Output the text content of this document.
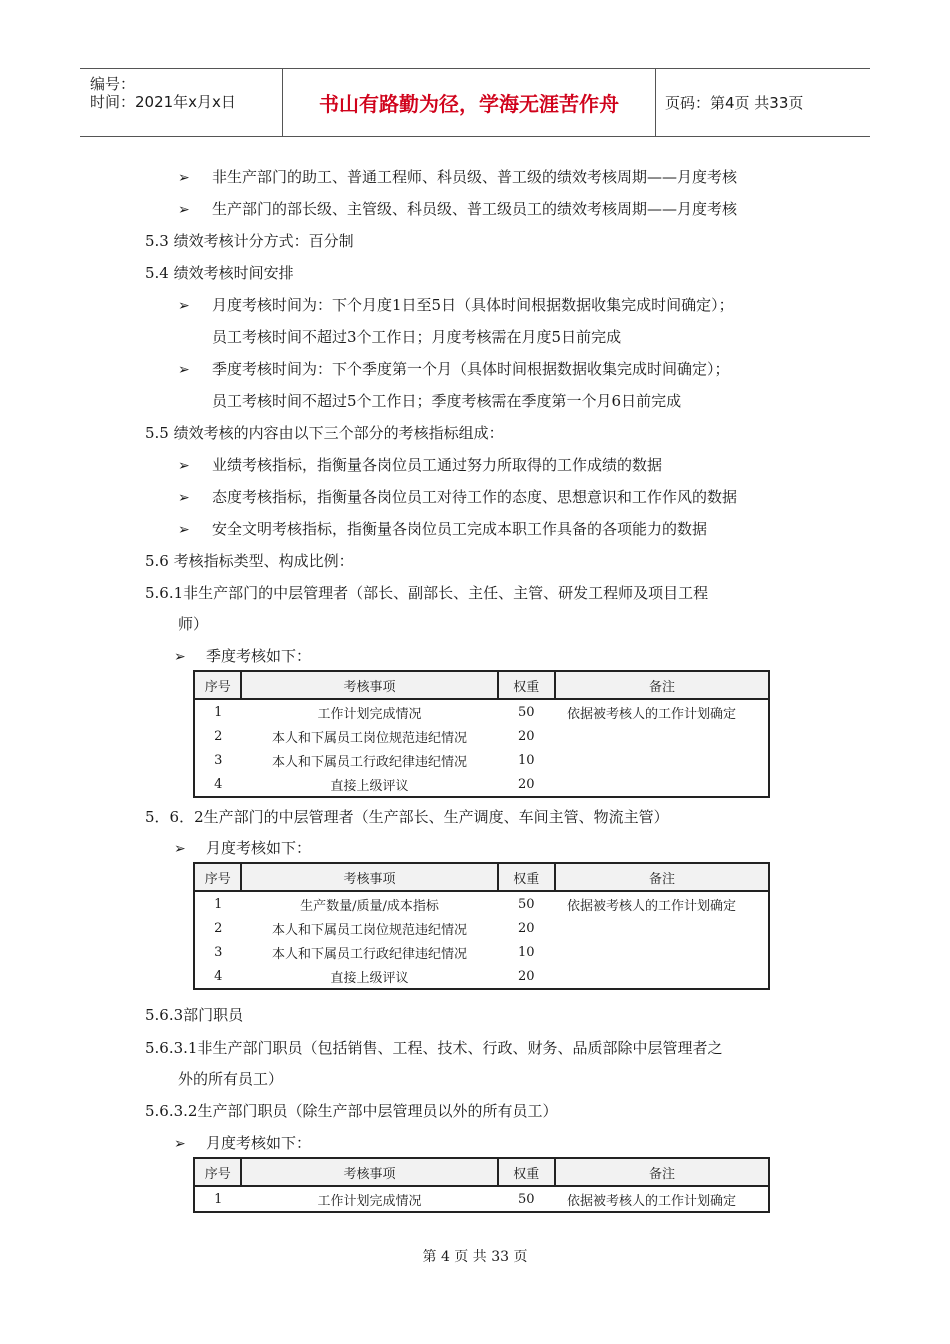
编号：
时间：2021年x月x日	书山有路勤为径，学海无涯苦作舟	页码：第4页 共33页
➢ 非生产部门的助工、普通工程师、科员级、普工级的绩效考核周期——月度考核
➢ 生产部门的部长级、主管级、科员级、普工级员工的绩效考核周期——月度考核
5.3 绩效考核计分方式：百分制
5.4 绩效考核时间安排
➢ 月度考核时间为：下个月度1日至5日（具体时间根据数据收集完成时间确定）；
员工考核时间不超过3个工作日；月度考核需在月度5日前完成
➢ 季度考核时间为：下个季度第一个月（具体时间根据数据收集完成时间确定）；
员工考核时间不超过5个工作日；季度考核需在季度第一个月6日前完成
5.5 绩效考核的内容由以下三个部分的考核指标组成：
➢ 业绩考核指标，指衡量各岗位员工通过努力所取得的工作成绩的数据
➢ 态度考核指标，指衡量各岗位员工对待工作的态度、思想意识和工作作风的数据
➢ 安全文明考核指标，指衡量各岗位员工完成本职工作具备的各项能力的数据
5.6 考核指标类型、构成比例：
5.6.1非生产部门的中层管理者（部长、副部长、主任、主管、研发工程师及项目工程
师）
➢ 季度考核如下：
序号	考核事项	权重	备注
1	工作计划完成情况	50	依据被考核人的工作计划确定
2	本人和下属员工岗位规范违纪情况	20	
3	本人和下属员工行政纪律违纪情况	10	
4	直接上级评议	20	
5．6．2生产部门的中层管理者（生产部长、生产调度、车间主管、物流主管）
➢ 月度考核如下：
序号	考核事项	权重	备注
1	生产数量/质量/成本指标	50	依据被考核人的工作计划确定
2	本人和下属员工岗位规范违纪情况	20	
3	本人和下属员工行政纪律违纪情况	10	
4	直接上级评议	20	
5.6.3部门职员
5.6.3.1非生产部门职员（包括销售、工程、技术、行政、财务、品质部除中层管理者之
外的所有员工）
5.6.3.2生产部门职员（除生产部中层管理员以外的所有员工）
➢ 月度考核如下：
序号	考核事项	权重	备注
1	工作计划完成情况	50	依据被考核人的工作计划确定
第 4 页 共 33 页
